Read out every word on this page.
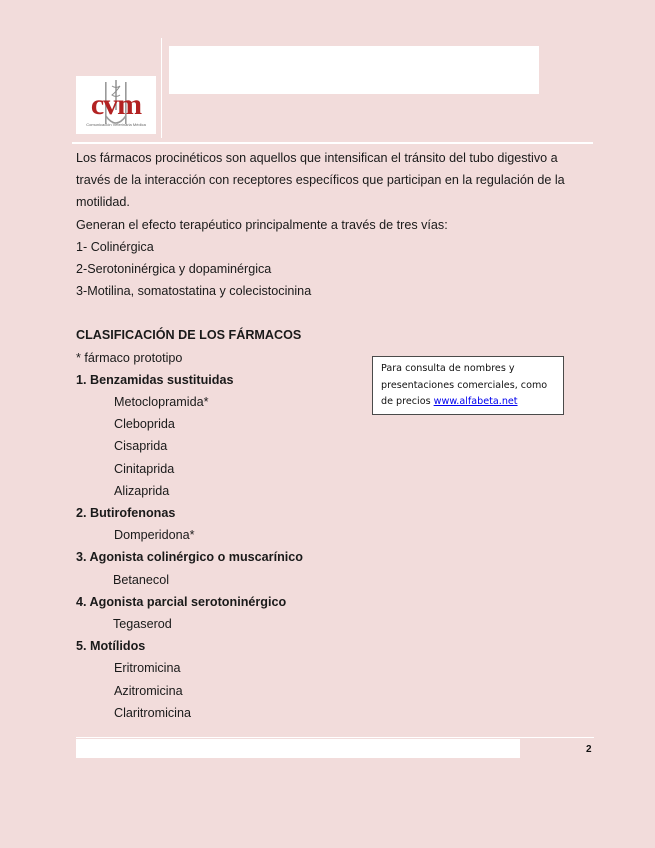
cvm
Comunicación Veterinaria Médica

Los fármacos procinéticos son aquellos que intensifican el tránsito del tubo digestivo a través de la interacción con receptores específicos que participan en la regulación de la motilidad.

Generan el efecto terapéutico principalmente a través de tres vías:

1- Colinérgica

2-Serotoninérgica y dopaminérgica

3-Motilina, somatostatina y colecistocinina

CLASIFICACIÓN DE LOS FÁRMACOS

* fármaco prototipo

1. Benzamidas sustituidas

Metoclopramida*

Cleboprida

Cisaprida

Cinitaprida

Alizaprida

2. Butirofenonas

Domperidona*

3. Agonista colinérgico o muscarínico

Betanecol

4. Agonista parcial serotoninérgico

Tegaserod

5. Motílidos

Eritromicina

Azitromicina

Claritromicina

Para consulta de nombres y
presentaciones comerciales, como
de precios www.alfabeta.net
2
